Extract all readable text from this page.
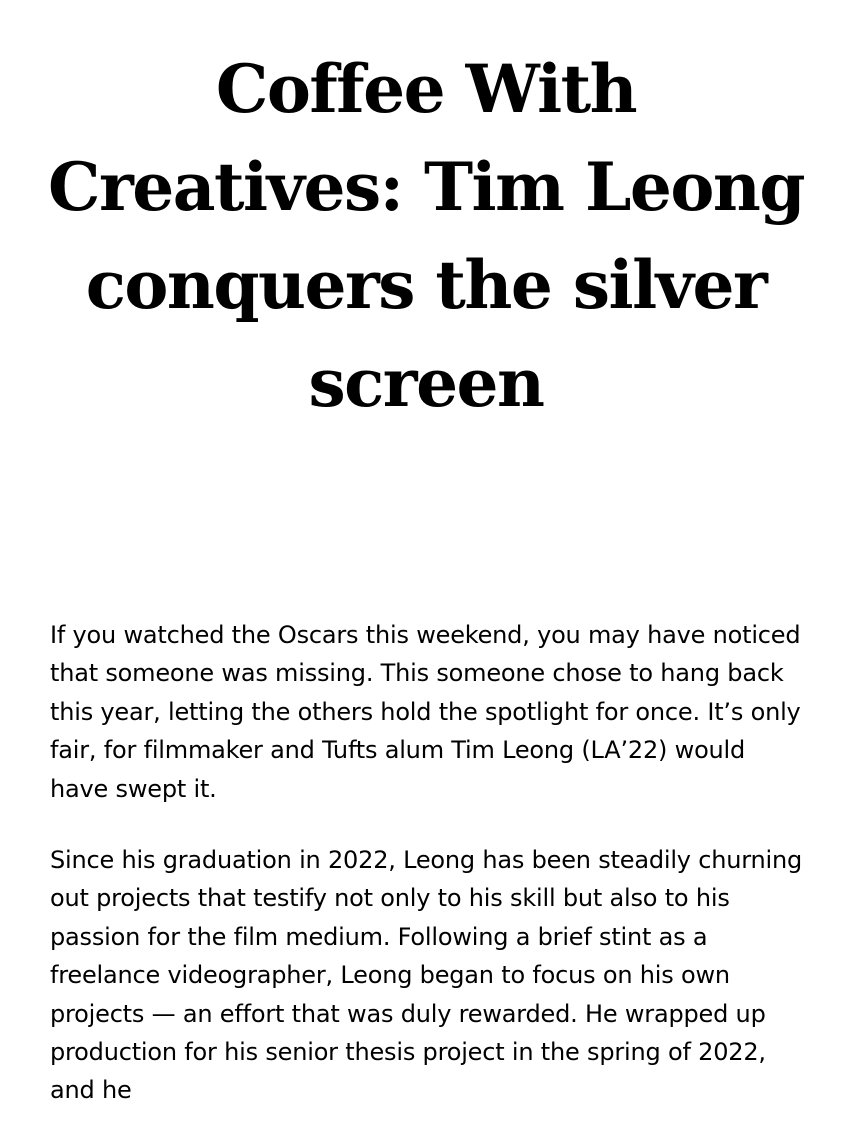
Coffee With Creatives: Tim Leong conquers the silver screen

If you watched the Oscars this weekend, you may have noticed that someone was missing. This someone chose to hang back this year, letting the others hold the spotlight for once. It’s only fair, for filmmaker and Tufts alum Tim Leong (LA’22) would have swept it.

Since his graduation in 2022, Leong has been steadily churning out projects that testify not only to his skill but also to his passion for the film medium. Following a brief stint as a freelance videographer, Leong began to focus on his own projects — an effort that was duly rewarded. He wrapped up production for his senior thesis project in the spring of 2022, and he
